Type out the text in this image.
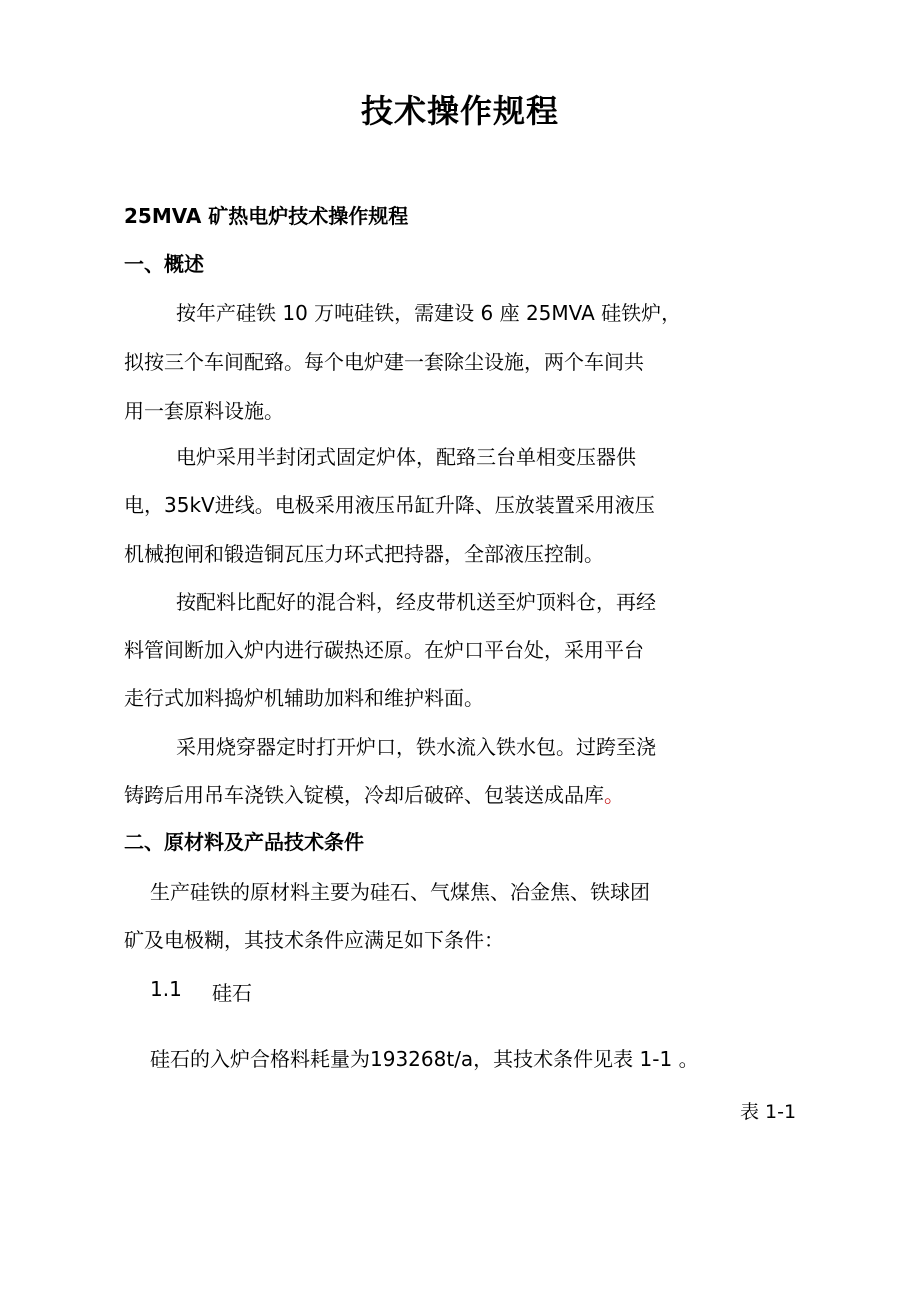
技术操作规程

25MVA 矿热电炉技术操作规程

一、概述

按年产硅铁 10 万吨硅铁，需建设 6 座 25MVA 硅铁炉，

拟按三个车间配臵。每个电炉建一套除尘设施，两个车间共

用一套原料设施。

电炉采用半封闭式固定炉体，配臵三台单相变压器供

电，35kV进线。电极采用液压吊缸升降、压放装置采用液压

机械抱闸和锻造铜瓦压力环式把持器，全部液压控制。

按配料比配好的混合料，经皮带机送至炉顶料仓，再经

料管间断加入炉内进行碳热还原。在炉口平台处，采用平台

走行式加料捣炉机辅助加料和维护料面。

采用烧穿器定时打开炉口，铁水流入铁水包。过跨至浇

铸跨后用吊车浇铁入锭模，冷却后破碎、包装送成品库。

二、原材料及产品技术条件

生产硅铁的原材料主要为硅石、气煤焦、冶金焦、铁球团

矿及电极糊，其技术条件应满足如下条件：

1.1 硅石

硅石的入炉合格料耗量为193268t/a，其技术条件见表 1-1 。

表 1-1
